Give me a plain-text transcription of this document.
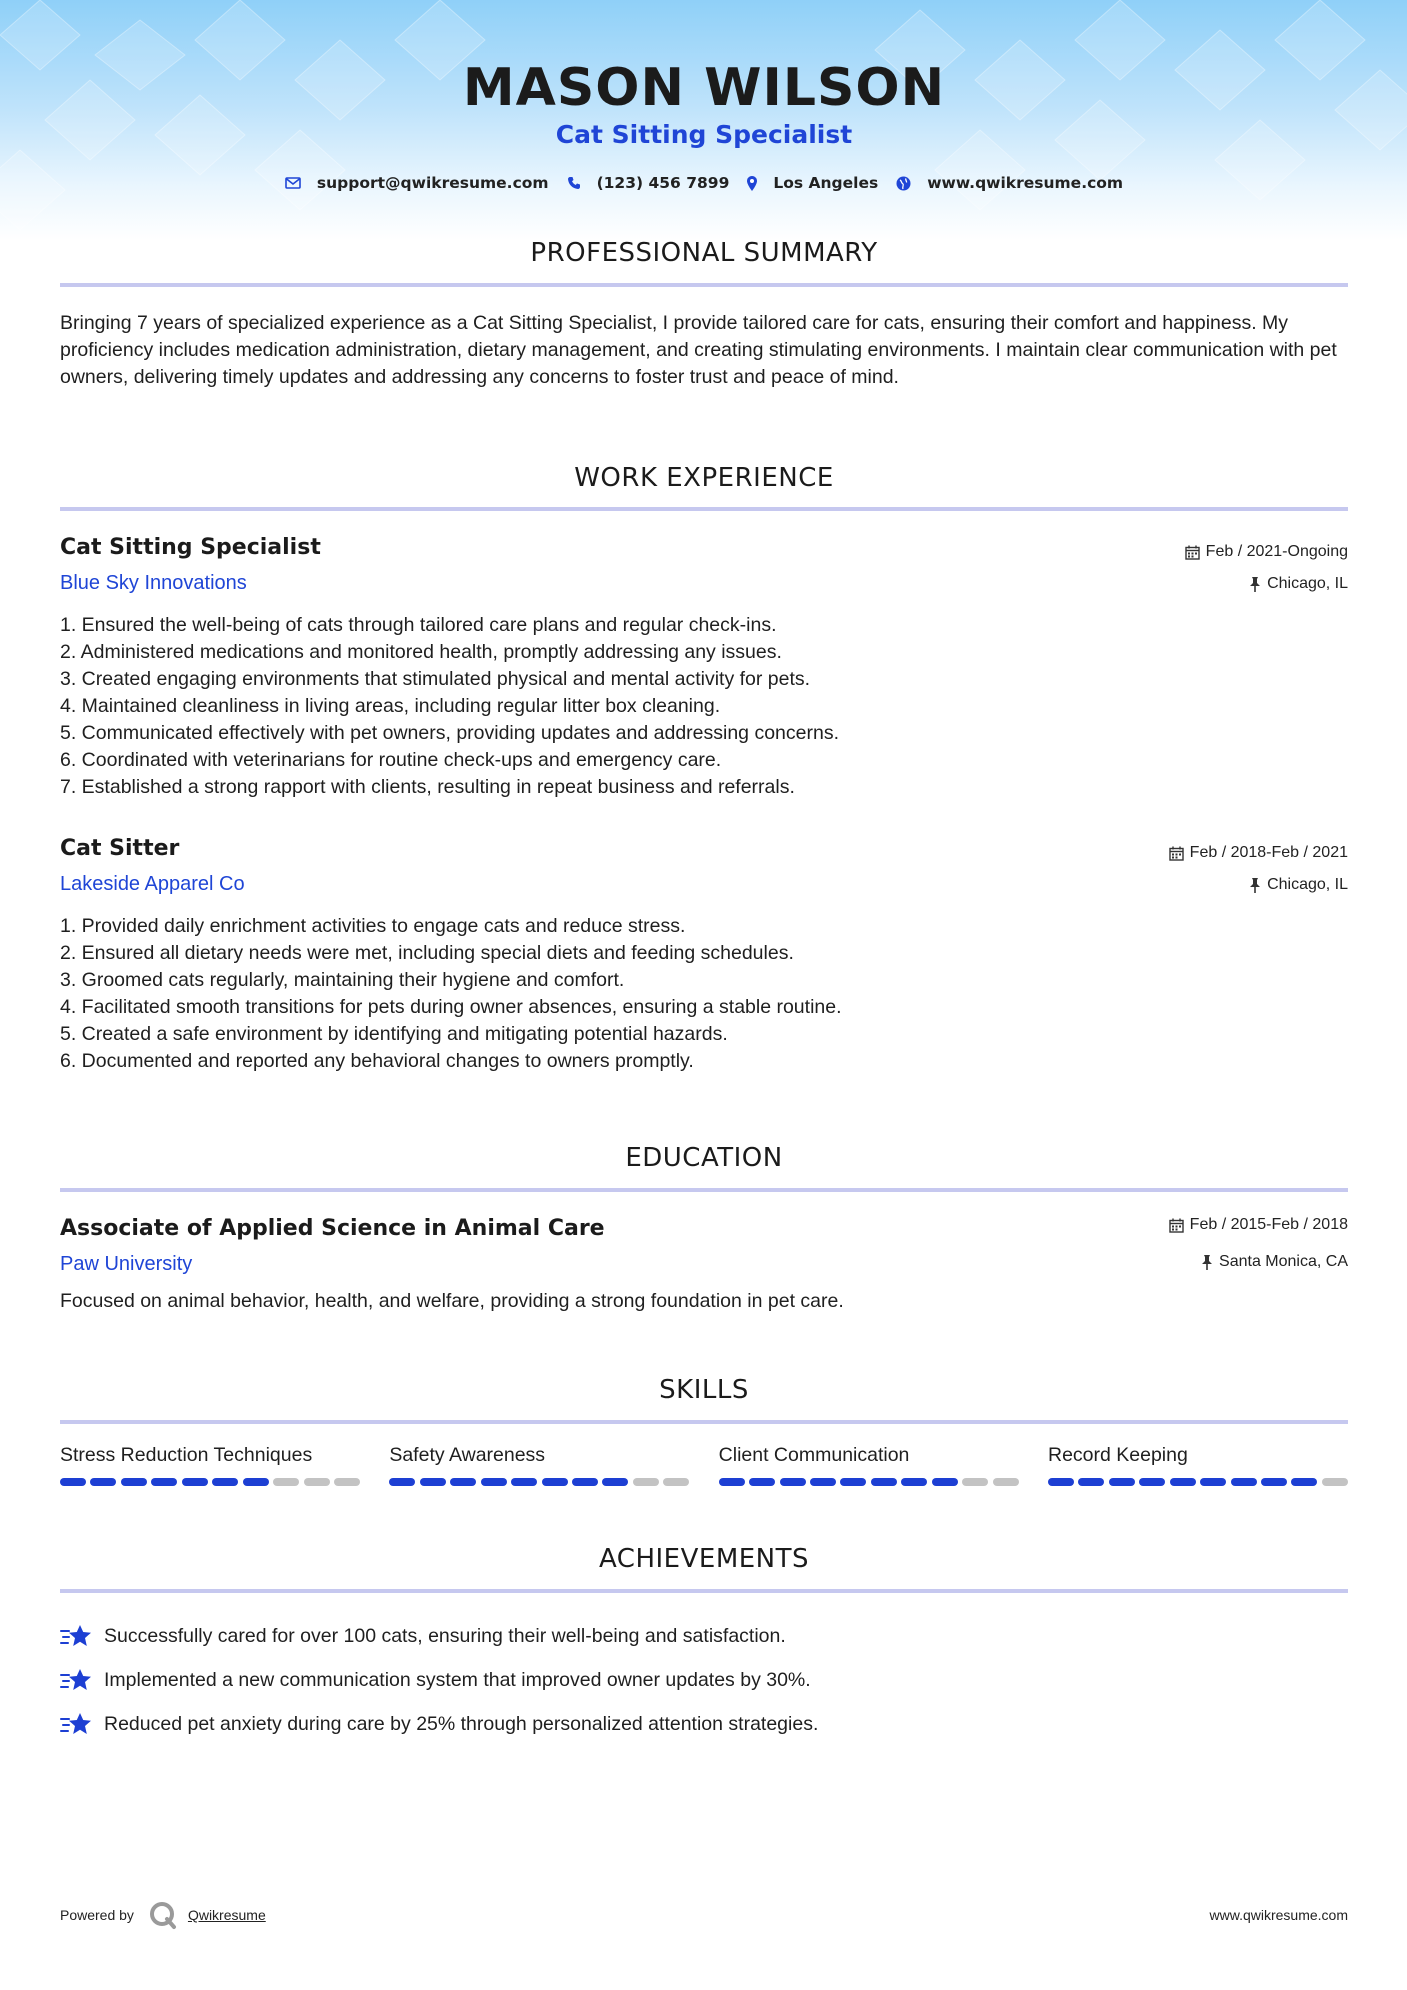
MASON WILSON
Cat Sitting Specialist
support@qwikresume.com	(123) 456 7899	Los Angeles	www.qwikresume.com
PROFESSIONAL SUMMARY
Bringing 7 years of specialized experience as a Cat Sitting Specialist, I provide tailored care for cats, ensuring their comfort and happiness. My proficiency includes medication administration, dietary management, and creating stimulating environments. I maintain clear communication with pet owners, delivering timely updates and addressing any concerns to foster trust and peace of mind.
WORK EXPERIENCE
Cat Sitting Specialist
Blue Sky Innovations
Feb / 2021-Ongoing
Chicago, IL
1. Ensured the well-being of cats through tailored care plans and regular check-ins.
2. Administered medications and monitored health, promptly addressing any issues.
3. Created engaging environments that stimulated physical and mental activity for pets.
4. Maintained cleanliness in living areas, including regular litter box cleaning.
5. Communicated effectively with pet owners, providing updates and addressing concerns.
6. Coordinated with veterinarians for routine check-ups and emergency care.
7. Established a strong rapport with clients, resulting in repeat business and referrals.
Cat Sitter
Lakeside Apparel Co
Feb / 2018-Feb / 2021
Chicago, IL
1. Provided daily enrichment activities to engage cats and reduce stress.
2. Ensured all dietary needs were met, including special diets and feeding schedules.
3. Groomed cats regularly, maintaining their hygiene and comfort.
4. Facilitated smooth transitions for pets during owner absences, ensuring a stable routine.
5. Created a safe environment by identifying and mitigating potential hazards.
6. Documented and reported any behavioral changes to owners promptly.
EDUCATION
Associate of Applied Science in Animal Care
Paw University
Feb / 2015-Feb / 2018
Santa Monica, CA
Focused on animal behavior, health, and welfare, providing a strong foundation in pet care.
SKILLS
Stress Reduction Techniques	Safety Awareness	Client Communication	Record Keeping
ACHIEVEMENTS
Successfully cared for over 100 cats, ensuring their well-being and satisfaction.
Implemented a new communication system that improved owner updates by 30%.
Reduced pet anxiety during care by 25% through personalized attention strategies.
Powered by	Qwikresume	www.qwikresume.com
